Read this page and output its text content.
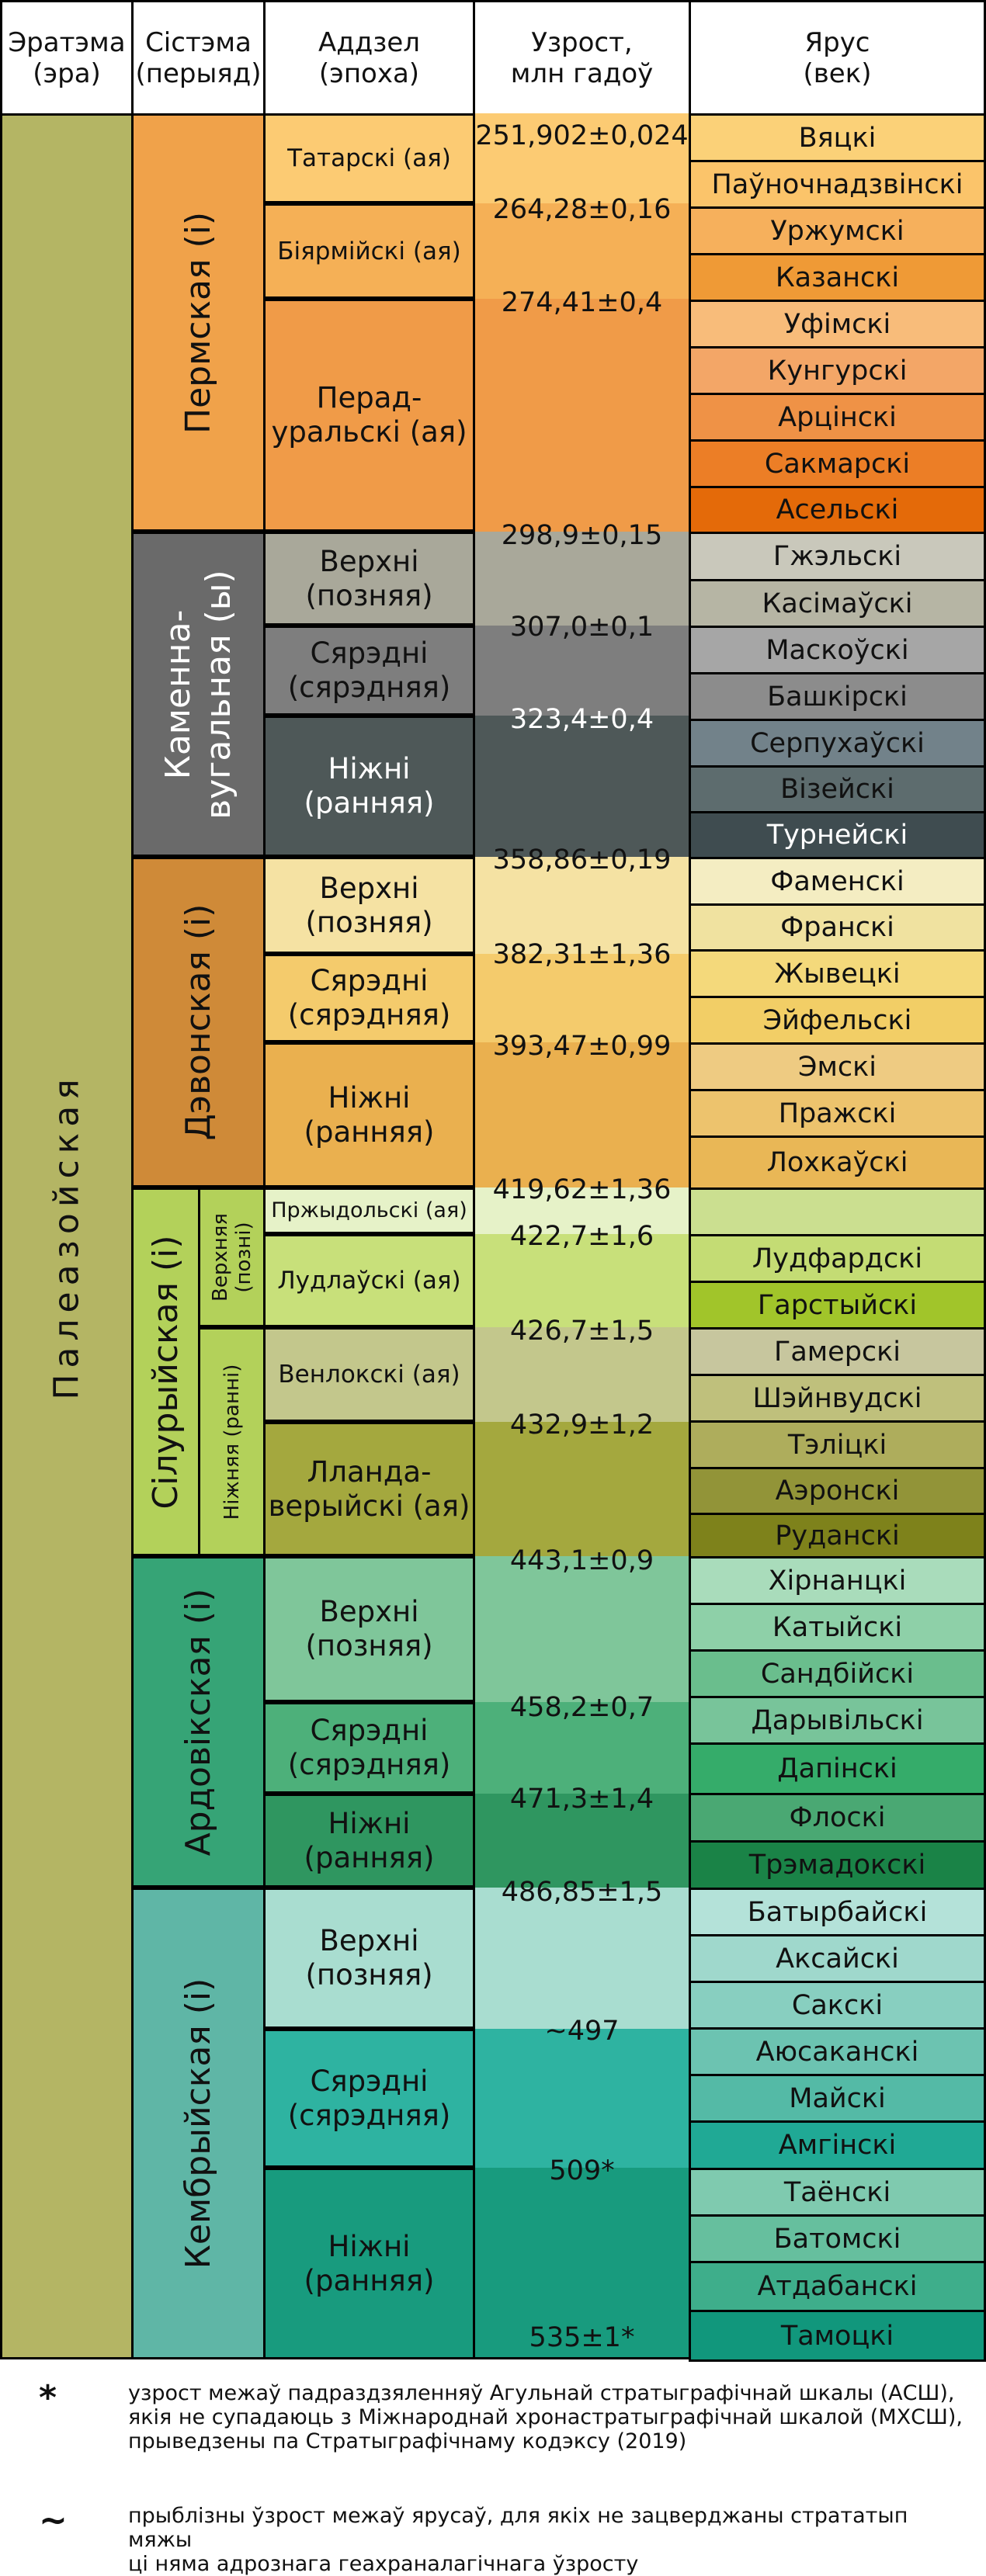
Эратэма
(эра)
Сістэма
(перыяд)
Аддзел
(эпоха)
Узрост,
млн гадоў
Ярус
(век)
Палеазойская
Пермская (і)
Каменна-
вугальная (ы)
Дэвонская (і)
Сілурыйская (і)
Ардовікская (і)
Кембрыйская (і)
Верхняя
(позні)
Ніжняя (ранні)
Татарскі (ая)
Біярмійскі (ая)
Перад-
уральскі (ая)
Верхні
(позняя)
Сярэдні
(сярэдняя)
Ніжні
(ранняя)
Верхні
(позняя)
Сярэдні
(сярэдняя)
Ніжні
(ранняя)
Пржыдольскі (ая)
Лудлаўскі (ая)
Венлокскі (ая)
Лланда-
верыйскі (ая)
Верхні
(позняя)
Сярэдні
(сярэдняя)
Ніжні
(ранняя)
Верхні
(позняя)
Сярэдні
(сярэдняя)
Ніжні
(ранняя)
251,902±0,024
264,28±0,16
274,41±0,4
298,9±0,15
307,0±0,1
323,4±0,4
358,86±0,19
382,31±1,36
393,47±0,99
419,62±1,36
422,7±1,6
426,7±1,5
432,9±1,2
443,1±0,9
458,2±0,7
471,3±1,4
486,85±1,5
~497
509*
535±1*
Вяцкі
Паўночнадзвінскі
Уржумскі
Казанскі
Уфімскі
Кунгурскі
Арцінскі
Сакмарскі
Асельскі
Гжэльскі
Касімаўскі
Маскоўскі
Башкірскі
Серпухаўскі
Візейскі
Турнейскі
Фаменскі
Франскі
Жывецкі
Эйфельскі
Эмскі
Пражскі
Лохкаўскі
Лудфардскі
Гарстыйскі
Гамерскі
Шэйнвудскі
Тэліцкі
Аэронскі
Руданскі
Хірнанцкі
Катыйскі
Сандбійскі
Дарывільскі
Дапінскі
Флоскі
Трэмадокскі
Батырбайскі
Аксайскі
Сакскі
Аюсаканскі
Майскі
Амгінскі
Таёнскі
Батомскі
Атдабанскі
Тамоцкі
*	узрост межаў падраздзяленняў Агульнай стратыграфічнай шкалы (АСШ),
якія не супадаюць з Міжнароднай хронастратыграфічнай шкалой (МХСШ),
прыведзены па Стратыграфічнаму кодэксу (2019)
~	прыблізны ўзрост межаў ярусаў, для якіх не зацверджаны стрататып мяжы
ці няма адрознага геахраналагічнага ўзросту
